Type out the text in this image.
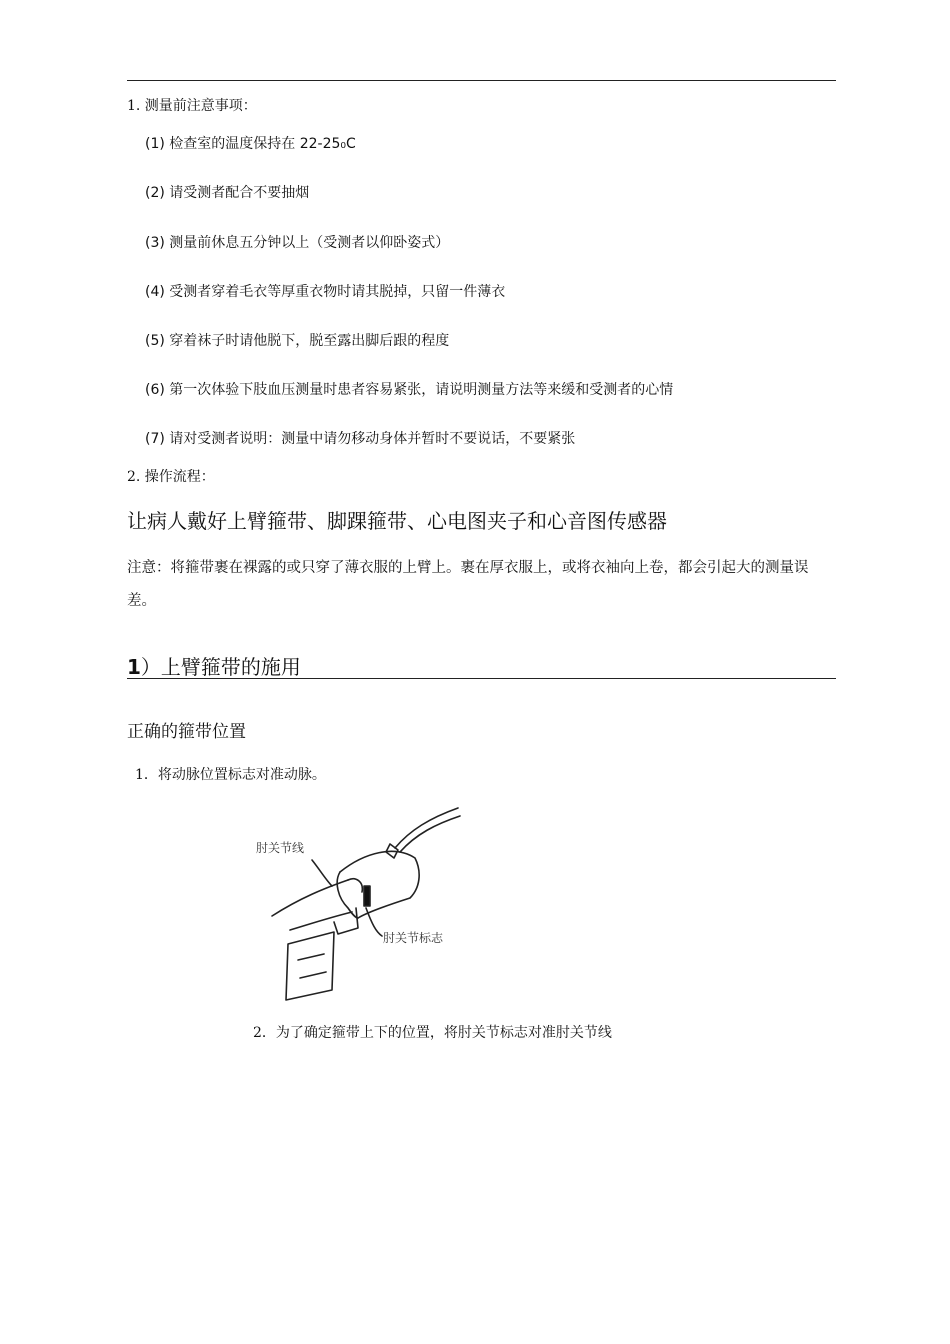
1. 测量前注意事项：
(1) 检查室的温度保持在 22-25₀C
(2) 请受测者配合不要抽烟
(3) 测量前休息五分钟以上（受测者以仰卧姿式）
(4) 受测者穿着毛衣等厚重衣物时请其脱掉，只留一件薄衣
(5) 穿着袜子时请他脱下，脱至露出脚后跟的程度
(6) 第一次体验下肢血压测量时患者容易紧张，请说明测量方法等来缓和受测者的心情
(7) 请对受测者说明：测量中请勿移动身体并暂时不要说话，不要紧张
2. 操作流程：
让病人戴好上臂箍带、脚踝箍带、心电图夹子和心音图传感器
注意：将箍带裹在裸露的或只穿了薄衣服的上臂上。裹在厚衣服上，或将衣袖向上卷，都会引起大的测量误差。
1）上臂箍带的施用
正确的箍带位置
1．将动脉位置标志对准动脉。
肘关节线
肘关节标志
2．为了确定箍带上下的位置，将肘关节标志对准肘关节线
